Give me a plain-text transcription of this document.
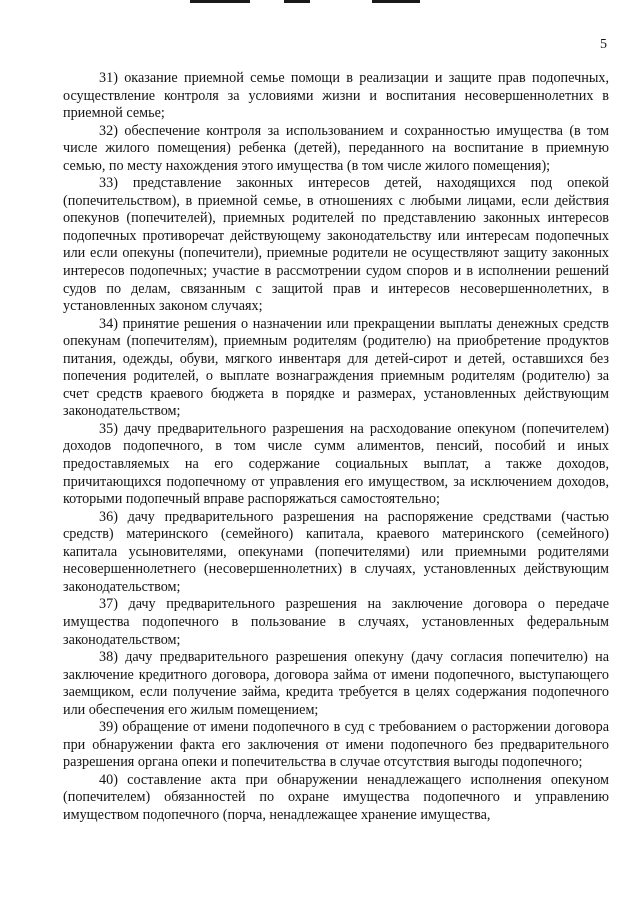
5

31) оказание приемной семье помощи в реализации и защите прав подопечных, осуществление контроля за условиями жизни и воспитания несовершеннолетних в приемной семье;

32) обеспечение контроля за использованием и сохранностью имущества (в том числе жилого помещения) ребенка (детей), переданного на воспитание в приемную семью, по месту нахождения этого имущества (в том числе жилого помещения);

33) представление законных интересов детей, находящихся под опекой (попечительством), в приемной семье, в отношениях с любыми лицами, если действия опекунов (попечителей), приемных родителей по представлению законных интересов подопечных противоречат действующему законодательству или интересам подопечных или если опекуны (попечители), приемные родители не осуществляют защиту законных интересов подопечных; участие в рассмотрении судом споров и в исполнении решений судов по делам, связанным с защитой прав и интересов несовершеннолетних, в установленных законом случаях;

34) принятие решения о назначении или прекращении выплаты денежных средств опекунам (попечителям), приемным родителям (родителю) на приобретение продуктов питания, одежды, обуви, мягкого инвентаря для детей-сирот и детей, оставшихся без попечения родителей, о выплате вознаграждения приемным родителям (родителю) за счет средств краевого бюджета в порядке и размерах, установленных действующим законодательством;

35) дачу предварительного разрешения на расходование опекуном (попечителем) доходов подопечного, в том числе сумм алиментов, пенсий, пособий и иных предоставляемых на его содержание социальных выплат, а также доходов, причитающихся подопечному от управления его имуществом, за исключением доходов, которыми подопечный вправе распоряжаться самостоятельно;

36) дачу предварительного разрешения на распоряжение средствами (частью средств) материнского (семейного) капитала, краевого материнского (семейного) капитала усыновителями, опекунами (попечителями) или приемными родителями несовершеннолетнего (несовершеннолетних) в случаях, установленных действующим законодательством;

37) дачу предварительного разрешения на заключение договора о передаче имущества подопечного в пользование в случаях, установленных федеральным законодательством;

38) дачу предварительного разрешения опекуну (дачу согласия попечителю) на заключение кредитного договора, договора займа от имени подопечного, выступающего заемщиком, если получение займа, кредита требуется в целях содержания подопечного или обеспечения его жилым помещением;

39) обращение от имени подопечного в суд с требованием о расторжении договора при обнаружении факта его заключения от имени подопечного без предварительного разрешения органа опеки и попечительства в случае отсутствия выгоды подопечного;

40) составление акта при обнаружении ненадлежащего исполнения опекуном (попечителем) обязанностей по охране имущества подопечного и управлению имуществом подопечного (порча, ненадлежащее хранение имущества,
